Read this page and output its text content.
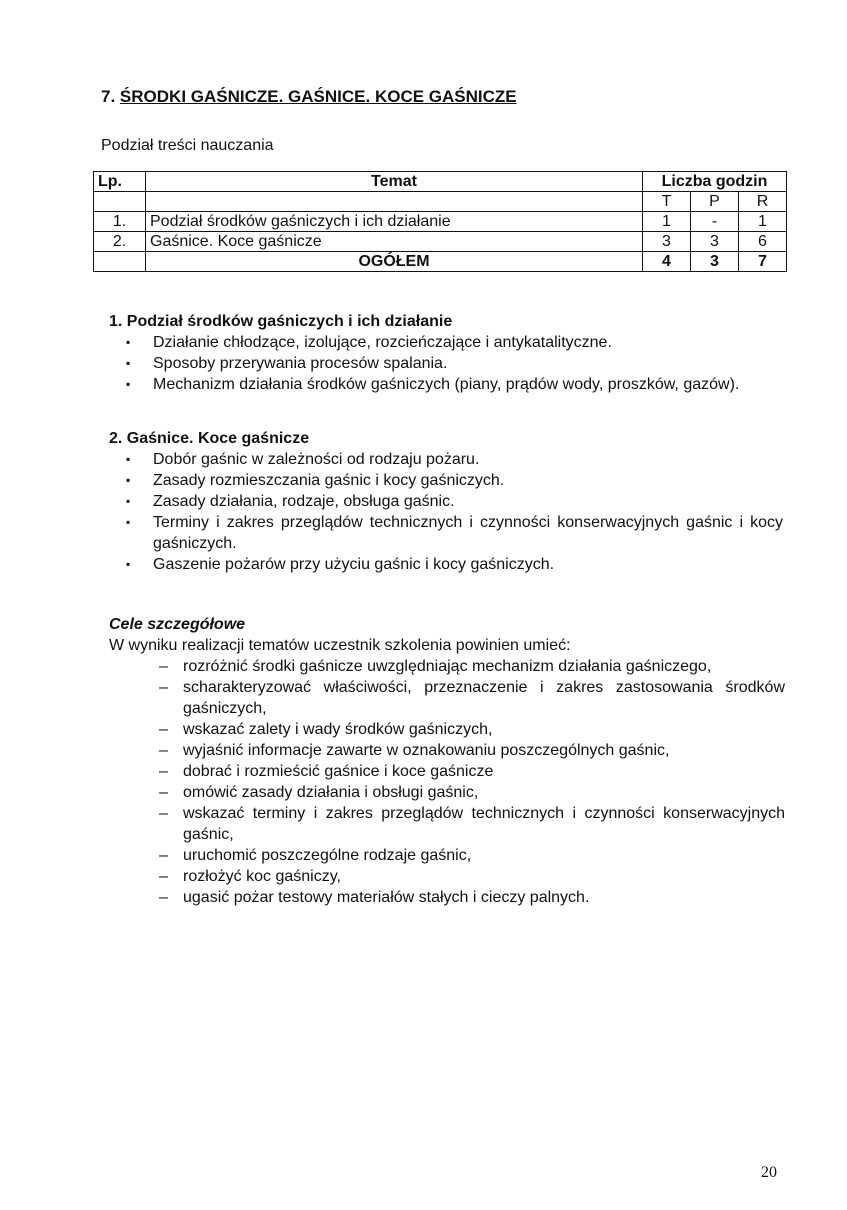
7. ŚRODKI GAŚNICZE. GAŚNICE. KOCE GAŚNICZE
Podział treści nauczania
Lp.	Temat	Liczba godzin		
		T	P	R
1.	Podział środków gaśniczych i ich działanie	1	-	1
2.	Gaśnice. Koce gaśnicze	3	3	6
	OGÓŁEM	4	3	7
1. Podział środków gaśniczych i ich działanie
▪ Działanie chłodzące, izolujące, rozcieńczające i antykatalityczne.
▪ Sposoby przerywania procesów spalania.
▪ Mechanizm działania środków gaśniczych (piany, prądów wody, proszków, gazów).
2. Gaśnice. Koce gaśnicze
▪ Dobór gaśnic w zależności od rodzaju pożaru.
▪ Zasady rozmieszczania gaśnic i kocy gaśniczych.
▪ Zasady działania, rodzaje, obsługa gaśnic.
▪ Terminy i zakres przeglądów technicznych i czynności konserwacyjnych gaśnic i kocy gaśniczych.
▪ Gaszenie pożarów przy użyciu gaśnic i kocy gaśniczych.
Cele szczegółowe
W wyniku realizacji tematów uczestnik szkolenia powinien umieć:
– rozróżnić środki gaśnicze uwzględniając mechanizm działania gaśniczego,
– scharakteryzować właściwości, przeznaczenie i zakres zastosowania środków gaśniczych,
– wskazać zalety i wady środków gaśniczych,
– wyjaśnić informacje zawarte w oznakowaniu poszczególnych gaśnic,
– dobrać i rozmieścić gaśnice i koce gaśnicze
– omówić zasady działania i obsługi gaśnic,
– wskazać terminy i zakres przeglądów technicznych i czynności konserwacyjnych gaśnic,
– uruchomić poszczególne rodzaje gaśnic,
– rozłożyć koc gaśniczy,
– ugasić pożar testowy materiałów stałych i cieczy palnych.
20
